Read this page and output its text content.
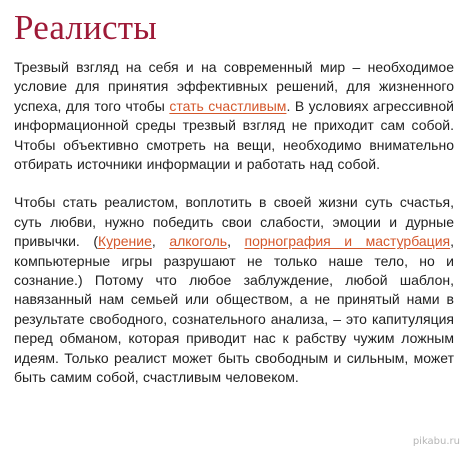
Реалисты

Трезвый взгляд на себя и на современный мир – необходимое условие для принятия эффективных решений, для жизненного успеха, для того чтобы стать счастливым. В условиях агрессивной информационной среды трезвый взгляд не приходит сам собой. Чтобы объективно смотреть на вещи, необходимо внимательно отбирать источники информации и работать над собой.

Чтобы стать реалистом, воплотить в своей жизни суть счастья, суть любви, нужно победить свои слабости, эмоции и дурные привычки. (Курение, алкоголь, порнография и мастурбация, компьютерные игры разрушают не только наше тело, но и сознание.) Потому что любое заблуждение, любой шаблон, навязанный нам семьей или обществом, а не принятый нами в результате свободного, сознательного анализа, – это капитуляция перед обманом, которая приводит нас к рабству чужим ложным идеям. Только реалист может быть свободным и сильным, может быть самим собой, счастливым человеком.

pikabu.ru
